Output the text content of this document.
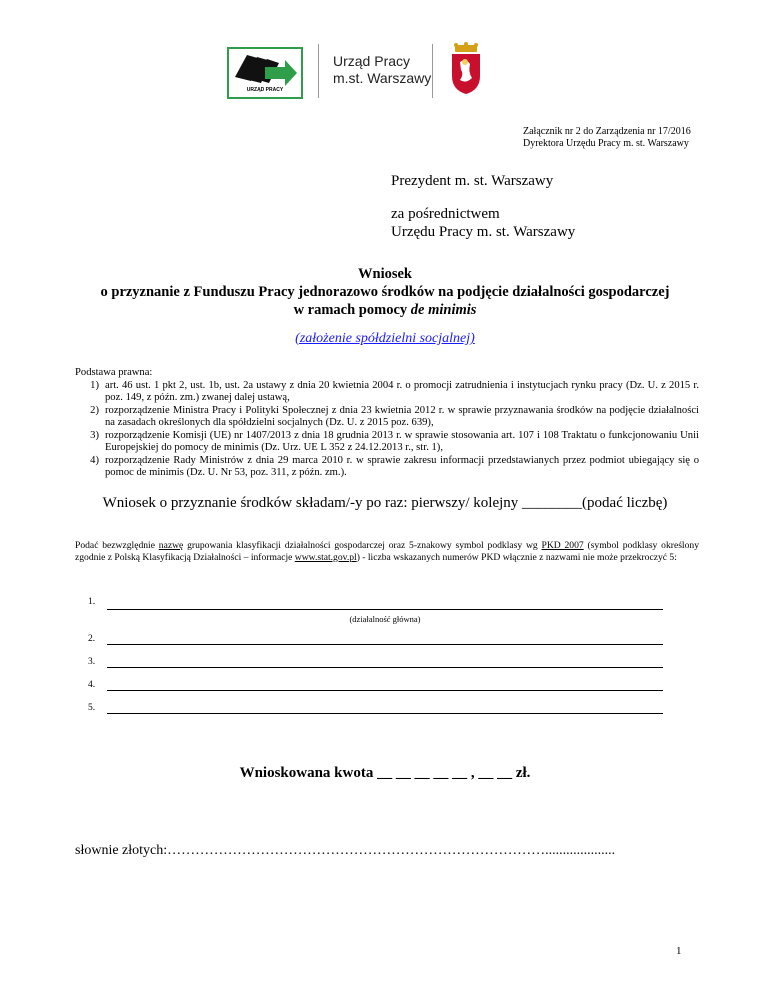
URZĄD PRACY
Urząd Pracy
m.st. Warszawy
Załącznik nr 2 do Zarządzenia nr 17/2016
Dyrektora Urzędu Pracy m. st. Warszawy
Prezydent m. st. Warszawy
za pośrednictwem
Urzędu Pracy m. st. Warszawy
Wniosek
o przyznanie z Funduszu Pracy jednorazowo środków na podjęcie działalności gospodarczej
w ramach pomocy de minimis
(założenie spółdzielni socjalnej)
Podstawa prawna:
1) art. 46 ust. 1 pkt 2, ust. 1b, ust. 2a ustawy z dnia 20 kwietnia 2004 r. o promocji zatrudnienia i instytucjach rynku pracy (Dz. U. z 2015 r. poz. 149, z późn. zm.) zwanej dalej ustawą,
2) rozporządzenie Ministra Pracy i Polityki Społecznej z dnia 23 kwietnia 2012 r. w sprawie przyznawania środków na podjęcie działalności na zasadach określonych dla spółdzielni socjalnych (Dz. U. z 2015 poz. 639),
3) rozporządzenie Komisji (UE) nr 1407/2013 z dnia 18 grudnia 2013 r. w sprawie stosowania art. 107 i 108 Traktatu o funkcjonowaniu Unii Europejskiej do pomocy de minimis (Dz. Urz. UE L 352 z 24.12.2013 r., str. 1),
4) rozporządzenie Rady Ministrów z dnia 29 marca 2010 r. w sprawie zakresu informacji przedstawianych przez podmiot ubiegający się o pomoc de minimis (Dz. U. Nr 53, poz. 311, z późn. zm.).
Wniosek o przyznanie środków składam/-y po raz: pierwszy/ kolejny ________(podać liczbę)
Podać bezwzględnie nazwę grupowania klasyfikacji działalności gospodarczej oraz 5-znakowy symbol podklasy wg PKD 2007 (symbol podklasy określony zgodnie z Polską Klasyfikacją Działalności – informacje www.stat.gov.pl) - liczba wskazanych numerów PKD włącznie z nazwami nie może przekroczyć 5:
1.
(działalność główna)
2.
3.
4.
5.
Wnioskowana kwota __ __ __ __ __ , __ __ zł.
słownie złotych:………………………………………………………………………....................
1
